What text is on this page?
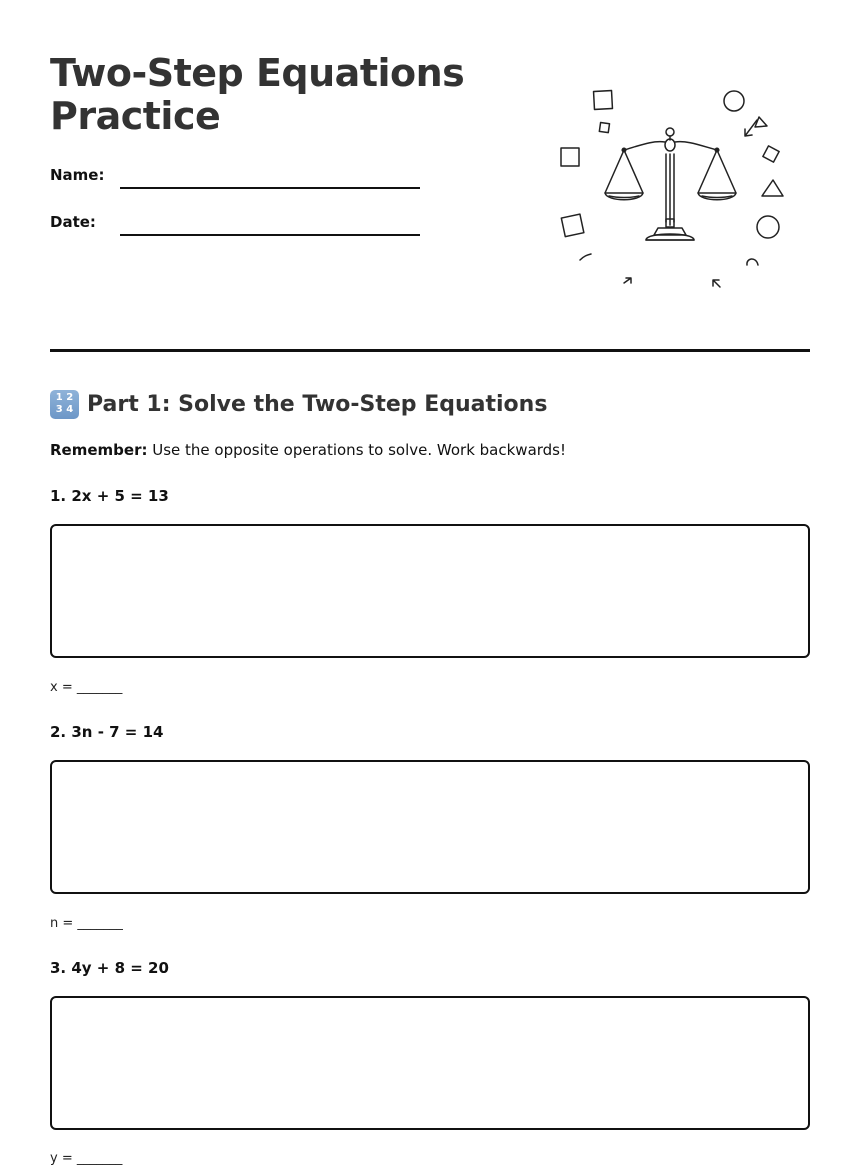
Two-Step Equations Practice
Name:
Date:
1 2
3 4 Part 1: Solve the Two-Step Equations
Remember: Use the opposite operations to solve. Work backwards!
1. 2x + 5 = 13
x = _______
2. 3n - 7 = 14
n = _______
3. 4y + 8 = 20
y = _______
